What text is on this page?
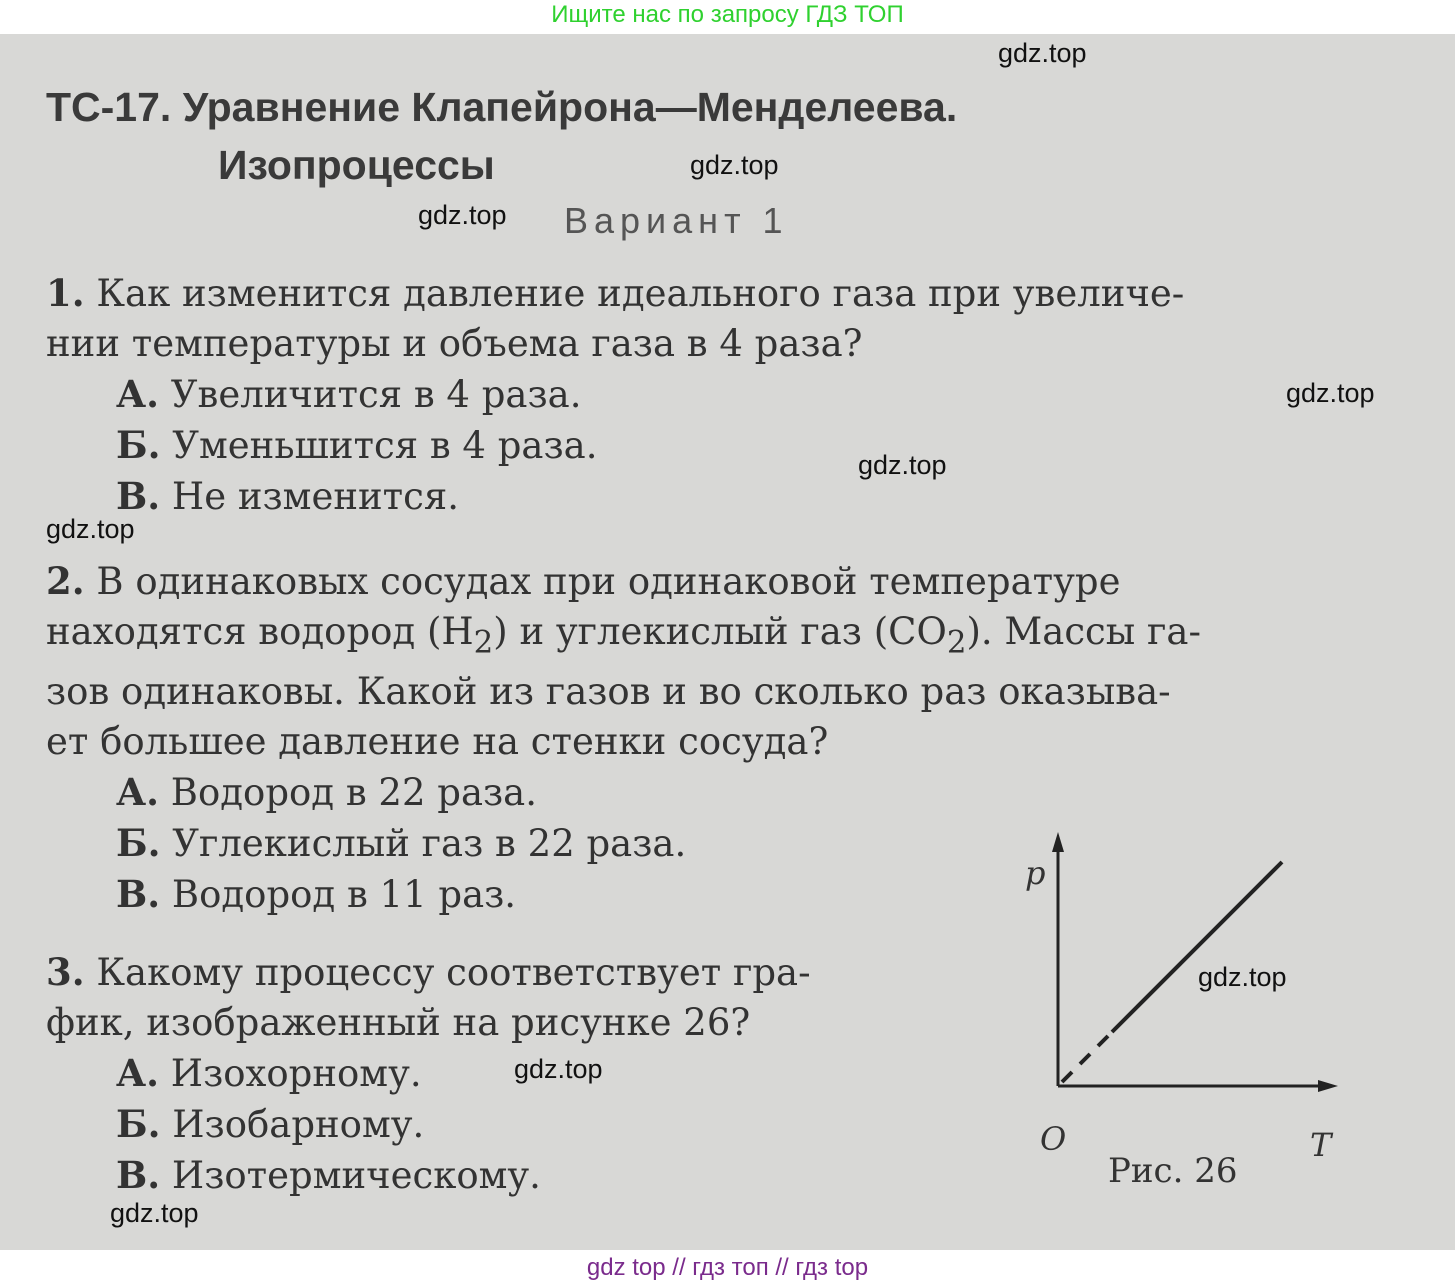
Ищите нас по запросу ГДЗ ТОП
ТС-17. Уравнение Клапейрона—Менделеева.
Изопроцессы
Вариант 1
1. Как изменится давление идеального газа при увеличе-
нии температуры и объема газа в 4 раза?
А. Увеличится в 4 раза.
Б. Уменьшится в 4 раза.
В. Не изменится.
2. В одинаковых сосудах при одинаковой температуре
находятся водород $(H_2)$ и углекислый газ $(CO_2)$. Массы га-
зов одинаковы. Какой из газов и во сколько раз оказыва-
ет большее давление на стенки сосуда?
А. Водород в 22 раза.
Б. Углекислый газ в 22 раза.
В. Водород в 11 раз.
3. Какому процессу соответствует гра-
фик, изображенный на рисунке 26?
А. Изохорному.
Б. Изобарному.
В. Изотермическому.
p
T
O
Рис. 26
gdz.top
gdz.top
gdz.top
gdz.top
gdz.top
gdz.top
gdz.top
gdz.top
gdz.top
gdz top // гдз топ // гдз top
